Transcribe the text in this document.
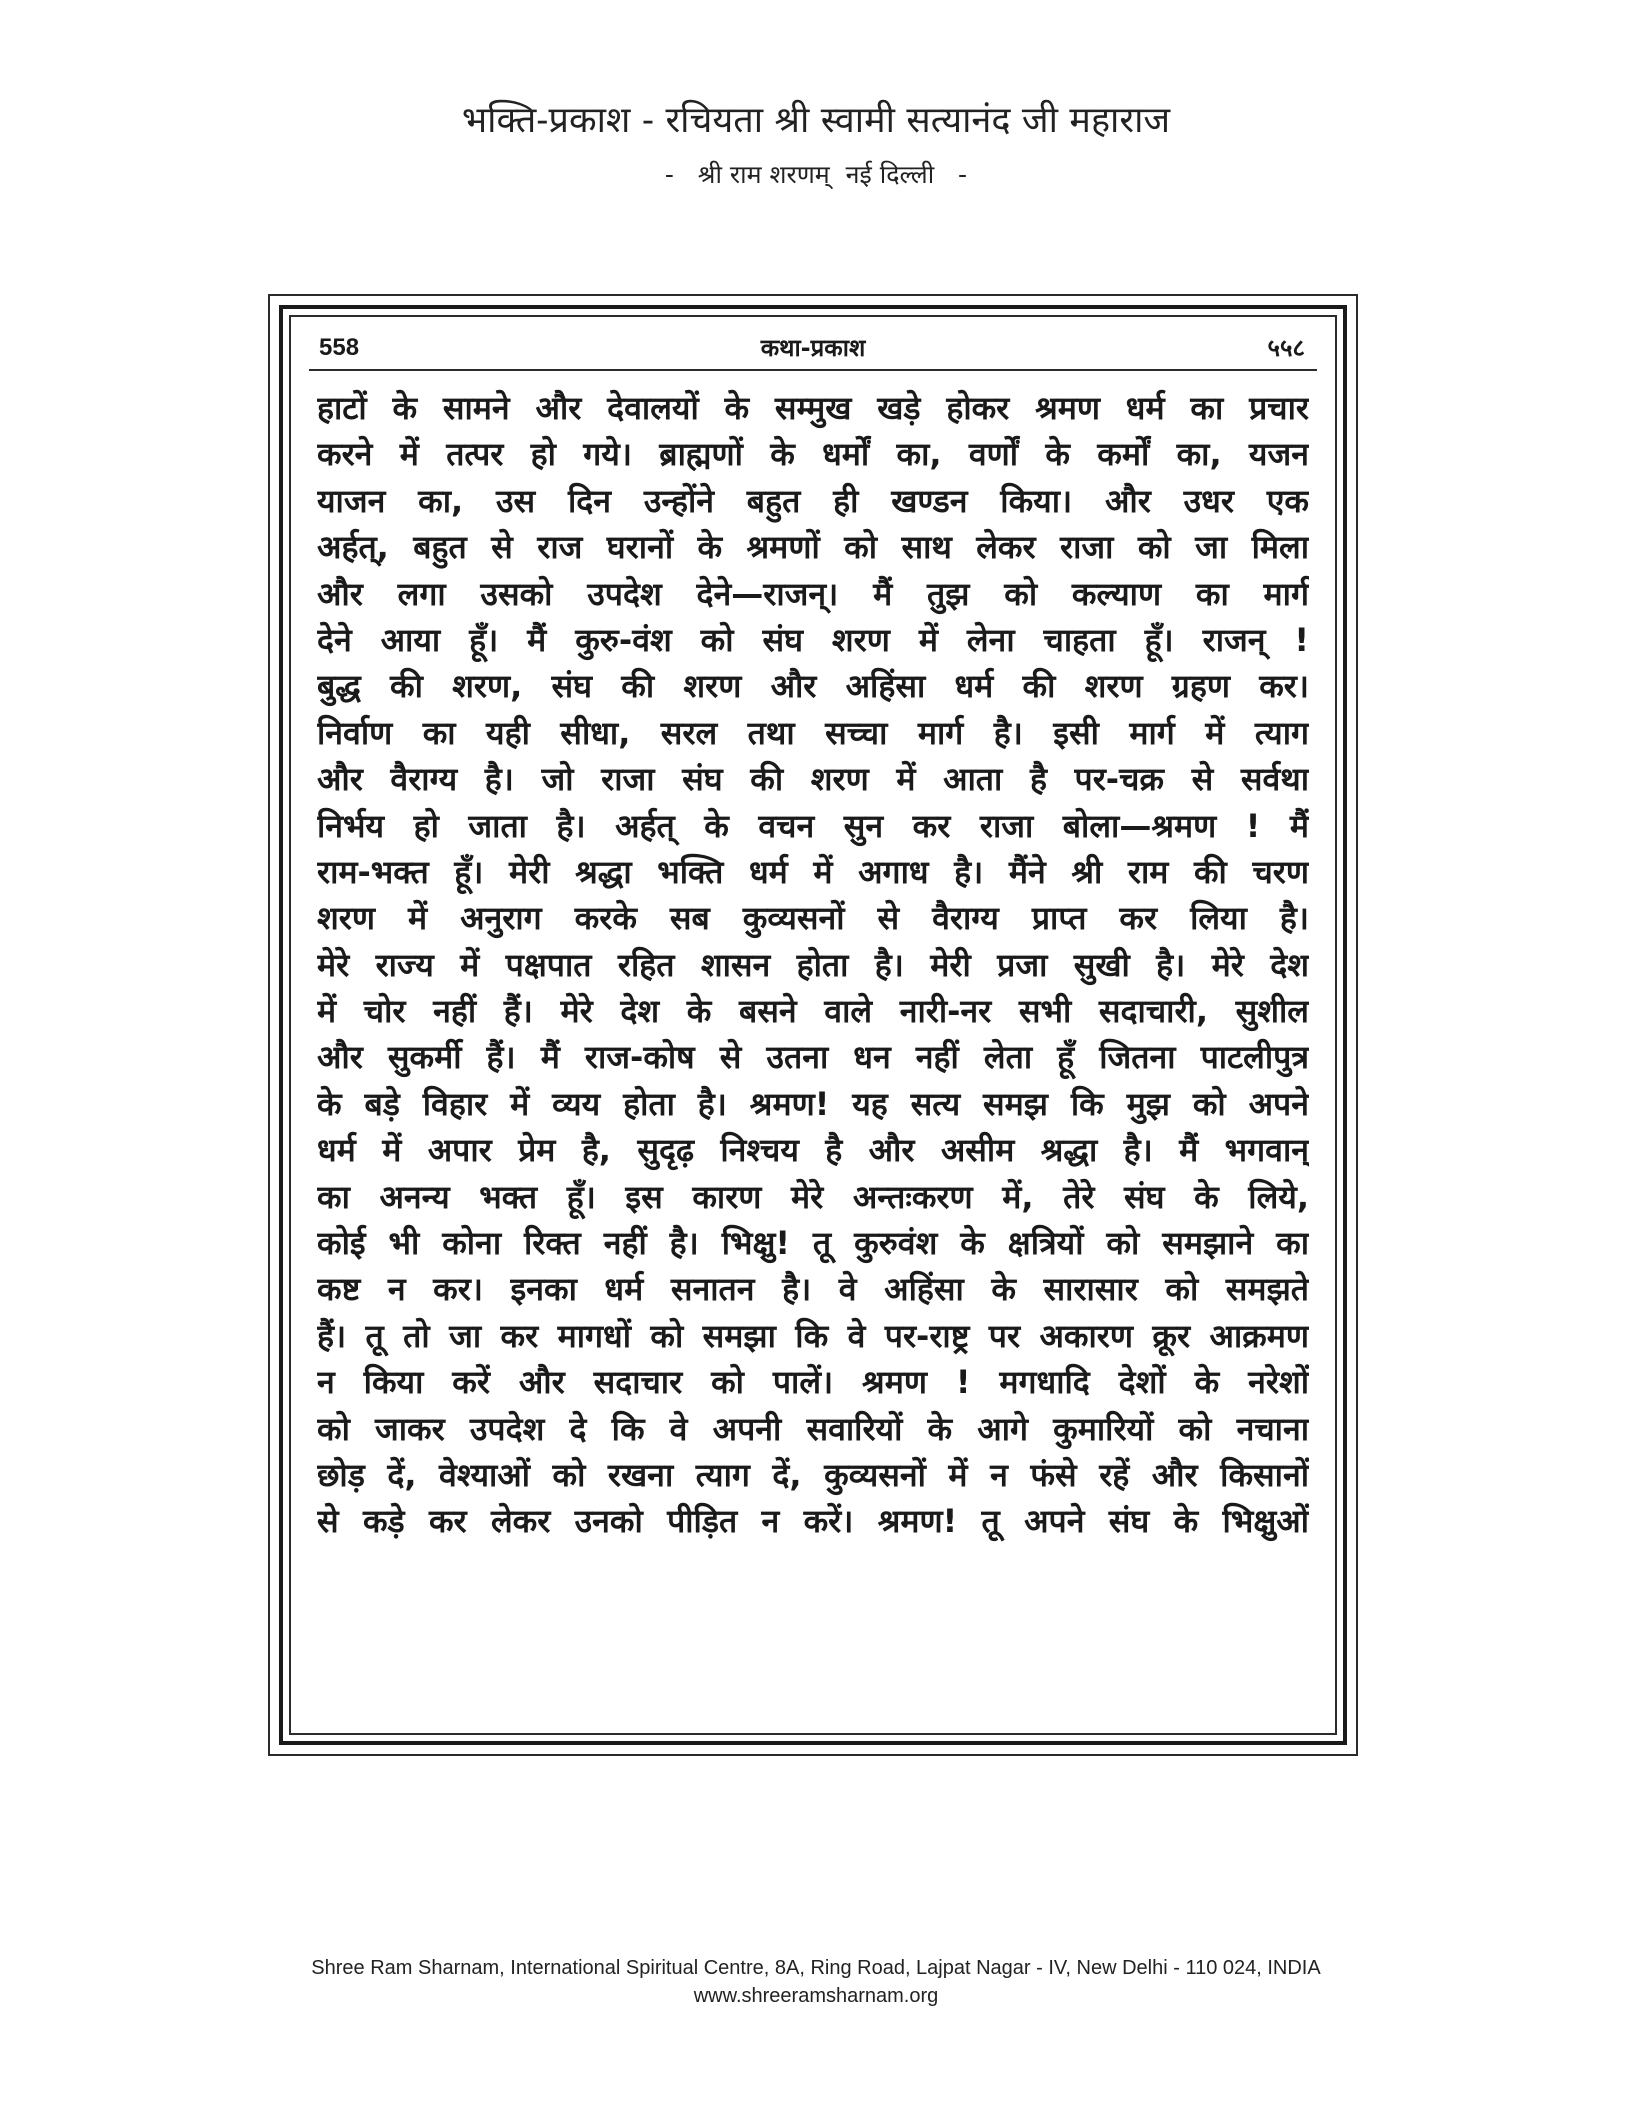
भक्ति-प्रकाश - रचियता श्री स्वामी सत्यानंद जी महाराज
-   श्री राम शरणम्  नई दिल्ली   -
558	कथा-प्रकाश	५५८
हाटों के सामने और देवालयों के सम्मुख खड़े होकर श्रमण धर्म का प्रचार
करने में तत्पर हो गये। ब्राह्मणों के धर्मों का, वर्णों के कर्मों का, यजन
याजन का, उस दिन उन्होंने बहुत ही खण्डन किया। और उधर एक
अर्हत्, बहुत से राज घरानों के श्रमणों को साथ लेकर राजा को जा मिला
और लगा उसको उपदेश देने—राजन्। मैं तुझ को कल्याण का मार्ग
देने आया हूँ। मैं कुरु-वंश को संघ शरण में लेना चाहता हूँ। राजन् !
बुद्ध की शरण, संघ की शरण और अहिंसा धर्म की शरण ग्रहण कर।
निर्वाण का यही सीधा, सरल तथा सच्चा मार्ग है। इसी मार्ग में त्याग
और वैराग्य है। जो राजा संघ की शरण में आता है पर-चक्र से सर्वथा
निर्भय हो जाता है। अर्हत् के वचन सुन कर राजा बोला—श्रमण ! मैं
राम-भक्त हूँ। मेरी श्रद्धा भक्ति धर्म में अगाध है। मैंने श्री राम की चरण
शरण में अनुराग करके सब कुव्यसनों से वैराग्य प्राप्त कर लिया है।
मेरे राज्य में पक्षपात रहित शासन होता है। मेरी प्रजा सुखी है। मेरे देश
में चोर नहीं हैं। मेरे देश के बसने वाले नारी-नर सभी सदाचारी, सुशील
और सुकर्मी हैं। मैं राज-कोष से उतना धन नहीं लेता हूँ जितना पाटलीपुत्र
के बड़े विहार में व्यय होता है। श्रमण! यह सत्य समझ कि मुझ को अपने
धर्म में अपार प्रेम है, सुदृढ़ निश्चय है और असीम श्रद्धा है। मैं भगवान्
का अनन्य भक्त हूँ। इस कारण मेरे अन्तःकरण में, तेरे संघ के लिये,
कोई भी कोना रिक्त नहीं है। भिक्षु! तू कुरुवंश के क्षत्रियों को समझाने का
कष्ट न कर। इनका धर्म सनातन है। वे अहिंसा के सारासार को समझते
हैं। तू तो जा कर मागधों को समझा कि वे पर-राष्ट्र पर अकारण क्रूर आक्रमण
न किया करें और सदाचार को पालें। श्रमण ! मगधादि देशों के नरेशों
को जाकर उपदेश दे कि वे अपनी सवारियों के आगे कुमारियों को नचाना
छोड़ दें, वेश्याओं को रखना त्याग दें, कुव्यसनों में न फंसे रहें और किसानों
से कड़े कर लेकर उनको पीड़ित न करें। श्रमण! तू अपने संघ के भिक्षुओं
Shree Ram Sharnam, International Spiritual Centre, 8A, Ring Road, Lajpat Nagar - IV, New Delhi - 110 024, INDIA
www.shreeramsharnam.org
